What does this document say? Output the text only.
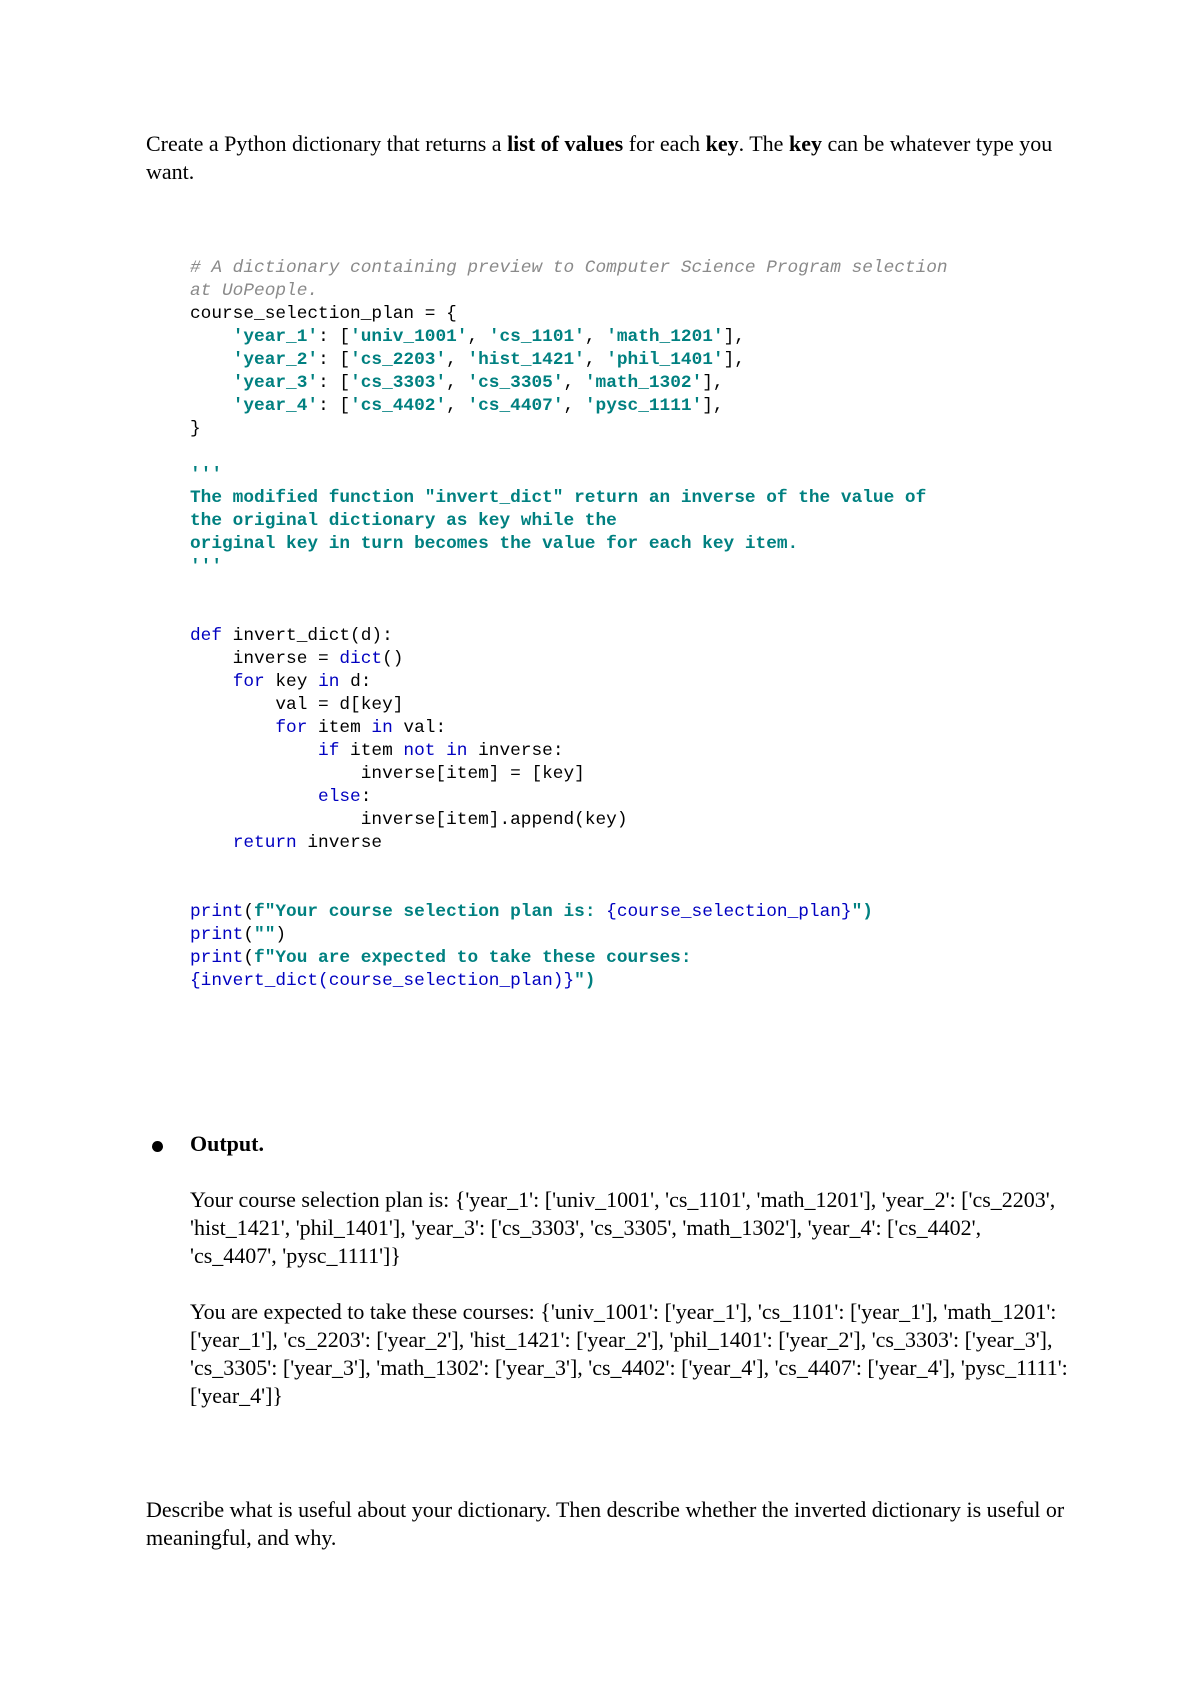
Create a Python dictionary that returns a list of values for each key. The key can be whatever type you want.

# A dictionary containing preview to Computer Science Program selection
at UoPeople.
course_selection_plan = {
'year_1': ['univ_1001', 'cs_1101', 'math_1201'],
'year_2': ['cs_2203', 'hist_1421', 'phil_1401'],
'year_3': ['cs_3303', 'cs_3305', 'math_1302'],
'year_4': ['cs_4402', 'cs_4407', 'pysc_1111'],
}
'''
The modified function "invert_dict" return an inverse of the value of
the original dictionary as key while the
original key in turn becomes the value for each key item.
'''
def invert_dict(d):
inverse = dict()
for key in d:
val = d[key]
for item in val:
if item not in inverse:
inverse[item] = [key]
else:
inverse[item].append(key)
return inverse
print(f"Your course selection plan is: {course_selection_plan}")
print("")
print(f"You are expected to take these courses:
{invert_dict(course_selection_plan)}")
Output.

Your course selection plan is: {'year_1': ['univ_1001', 'cs_1101', 'math_1201'], 'year_2': ['cs_2203', 'hist_1421', 'phil_1401'], 'year_3': ['cs_3303', 'cs_3305', 'math_1302'], 'year_4': ['cs_4402', 'cs_4407', 'pysc_1111']}

You are expected to take these courses: {'univ_1001': ['year_1'], 'cs_1101': ['year_1'], 'math_1201': ['year_1'], 'cs_2203': ['year_2'], 'hist_1421': ['year_2'], 'phil_1401': ['year_2'], 'cs_3303': ['year_3'], 'cs_3305': ['year_3'], 'math_1302': ['year_3'], 'cs_4402': ['year_4'], 'cs_4407': ['year_4'], 'pysc_1111': ['year_4']}

Describe what is useful about your dictionary. Then describe whether the inverted dictionary is useful or meaningful, and why.
